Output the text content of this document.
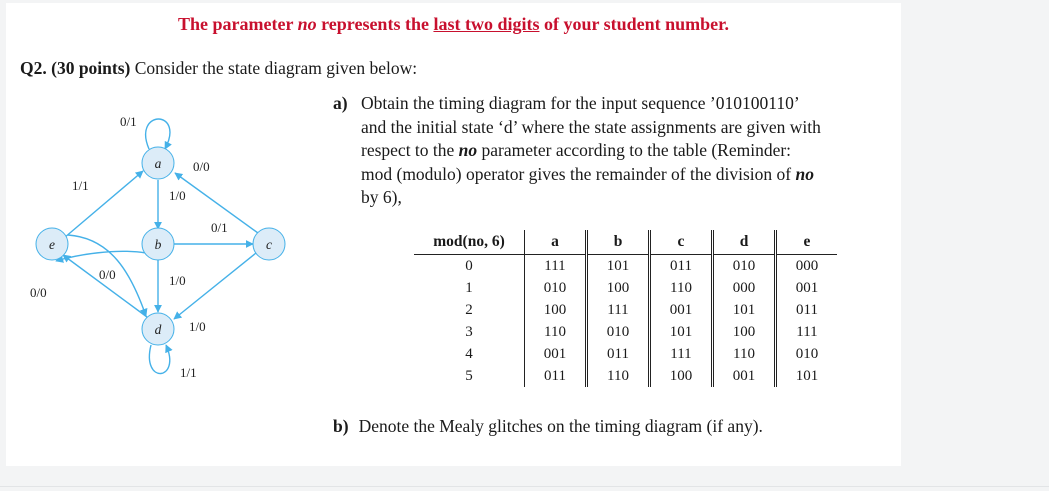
The parameter no represents the last two digits of your student number.
Q2. (30 points) Consider the state diagram given below:
a
b	c
d
e
0/1
1/1
0/0
1/0
0/1
0/0	1/0
1/0
1/1
0/0
a) Obtain the timing diagram for the input sequence ’010100110’
and the initial state ‘d’ where the state assignments are given with
respect to the no parameter according to the table (Reminder:
mod (modulo) operator gives the remainder of the division of no
by 6),
mod(no, 6)	a	b	c	d	e
0	111	101	011	010	000
1	010	100	110	000	001
2	100	111	001	101	011
3	110	010	101	100	111
4	001	011	111	110	010
5	011	110	100	001	101
b) Denote the Mealy glitches on the timing diagram (if any).
